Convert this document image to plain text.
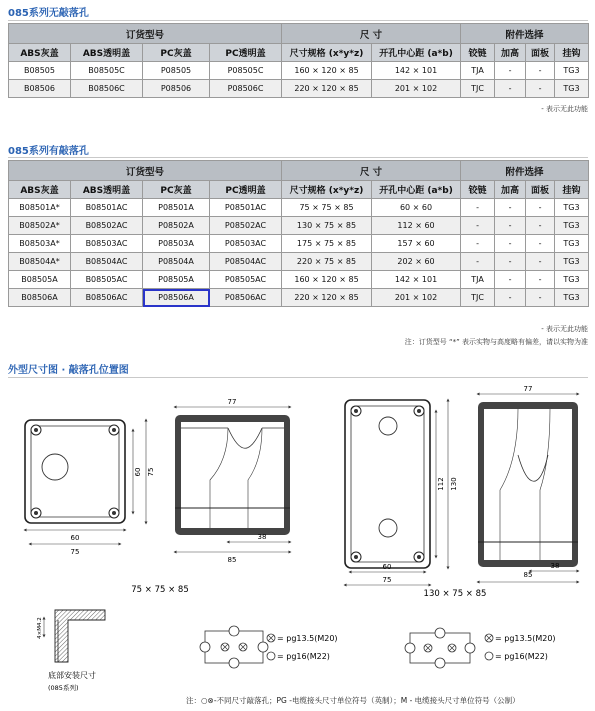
085系列无敲落孔
订货型号				尺 寸		附件选择			
ABS灰盖	ABS透明盖	PC灰盖	PC透明盖	尺寸规格 (x*y*z)	开孔中心距 (a*b)	铰链	加高	面板	挂钩
B08505	B08505C	P08505	P08505C	160 × 120 × 85	142 × 101	TJA	-	-	TG3
B08506	B08506C	P08506	P08506C	220 × 120 × 85	201 × 102	TJC	-	-	TG3
- 表示无此功能
085系列有敲落孔
订货型号				尺 寸		附件选择			
ABS灰盖	ABS透明盖	PC灰盖	PC透明盖	尺寸规格 (x*y*z)	开孔中心距 (a*b)	铰链	加高	面板	挂钩
B08501A*	B08501AC	P08501A	P08501AC	75 × 75 × 85	60 × 60	-	-	-	TG3
B08502A*	B08502AC	P08502A	P08502AC	130 × 75 × 85	112 × 60	-	-	-	TG3
B08503A*	B08503AC	P08503A	P08503AC	175 × 75 × 85	157 × 60	-	-	-	TG3
B08504A*	B08504AC	P08504A	P08504AC	220 × 75 × 85	202 × 60	-	-	-	TG3
B08505A	B08505AC	P08505A	P08505AC	160 × 120 × 85	142 × 101	TJA	-	-	TG3
B08506A	B08506AC	P08506A	P08506AC	220 × 120 × 85	201 × 102	TJC	-	-	TG3
- 表示无此功能
注：订货型号 “*” 表示实物与高度略有偏差，请以实物为准
外型尺寸图 · 敲落孔位置图
60
75
60 75
77
38
85
75 × 75 × 85
60
75
112 130
77
38
85
130 × 75 × 85
4×M4.2
底部安装尺寸
(085系列)
= pg13.5(M20)
= pg16(M22)
= pg13.5(M20)
= pg16(M22)
注：○⊗-不同尺寸敲落孔；PG -电缆接头尺寸单位符号（英制）；M - 电缆接头尺寸单位符号（公制）
